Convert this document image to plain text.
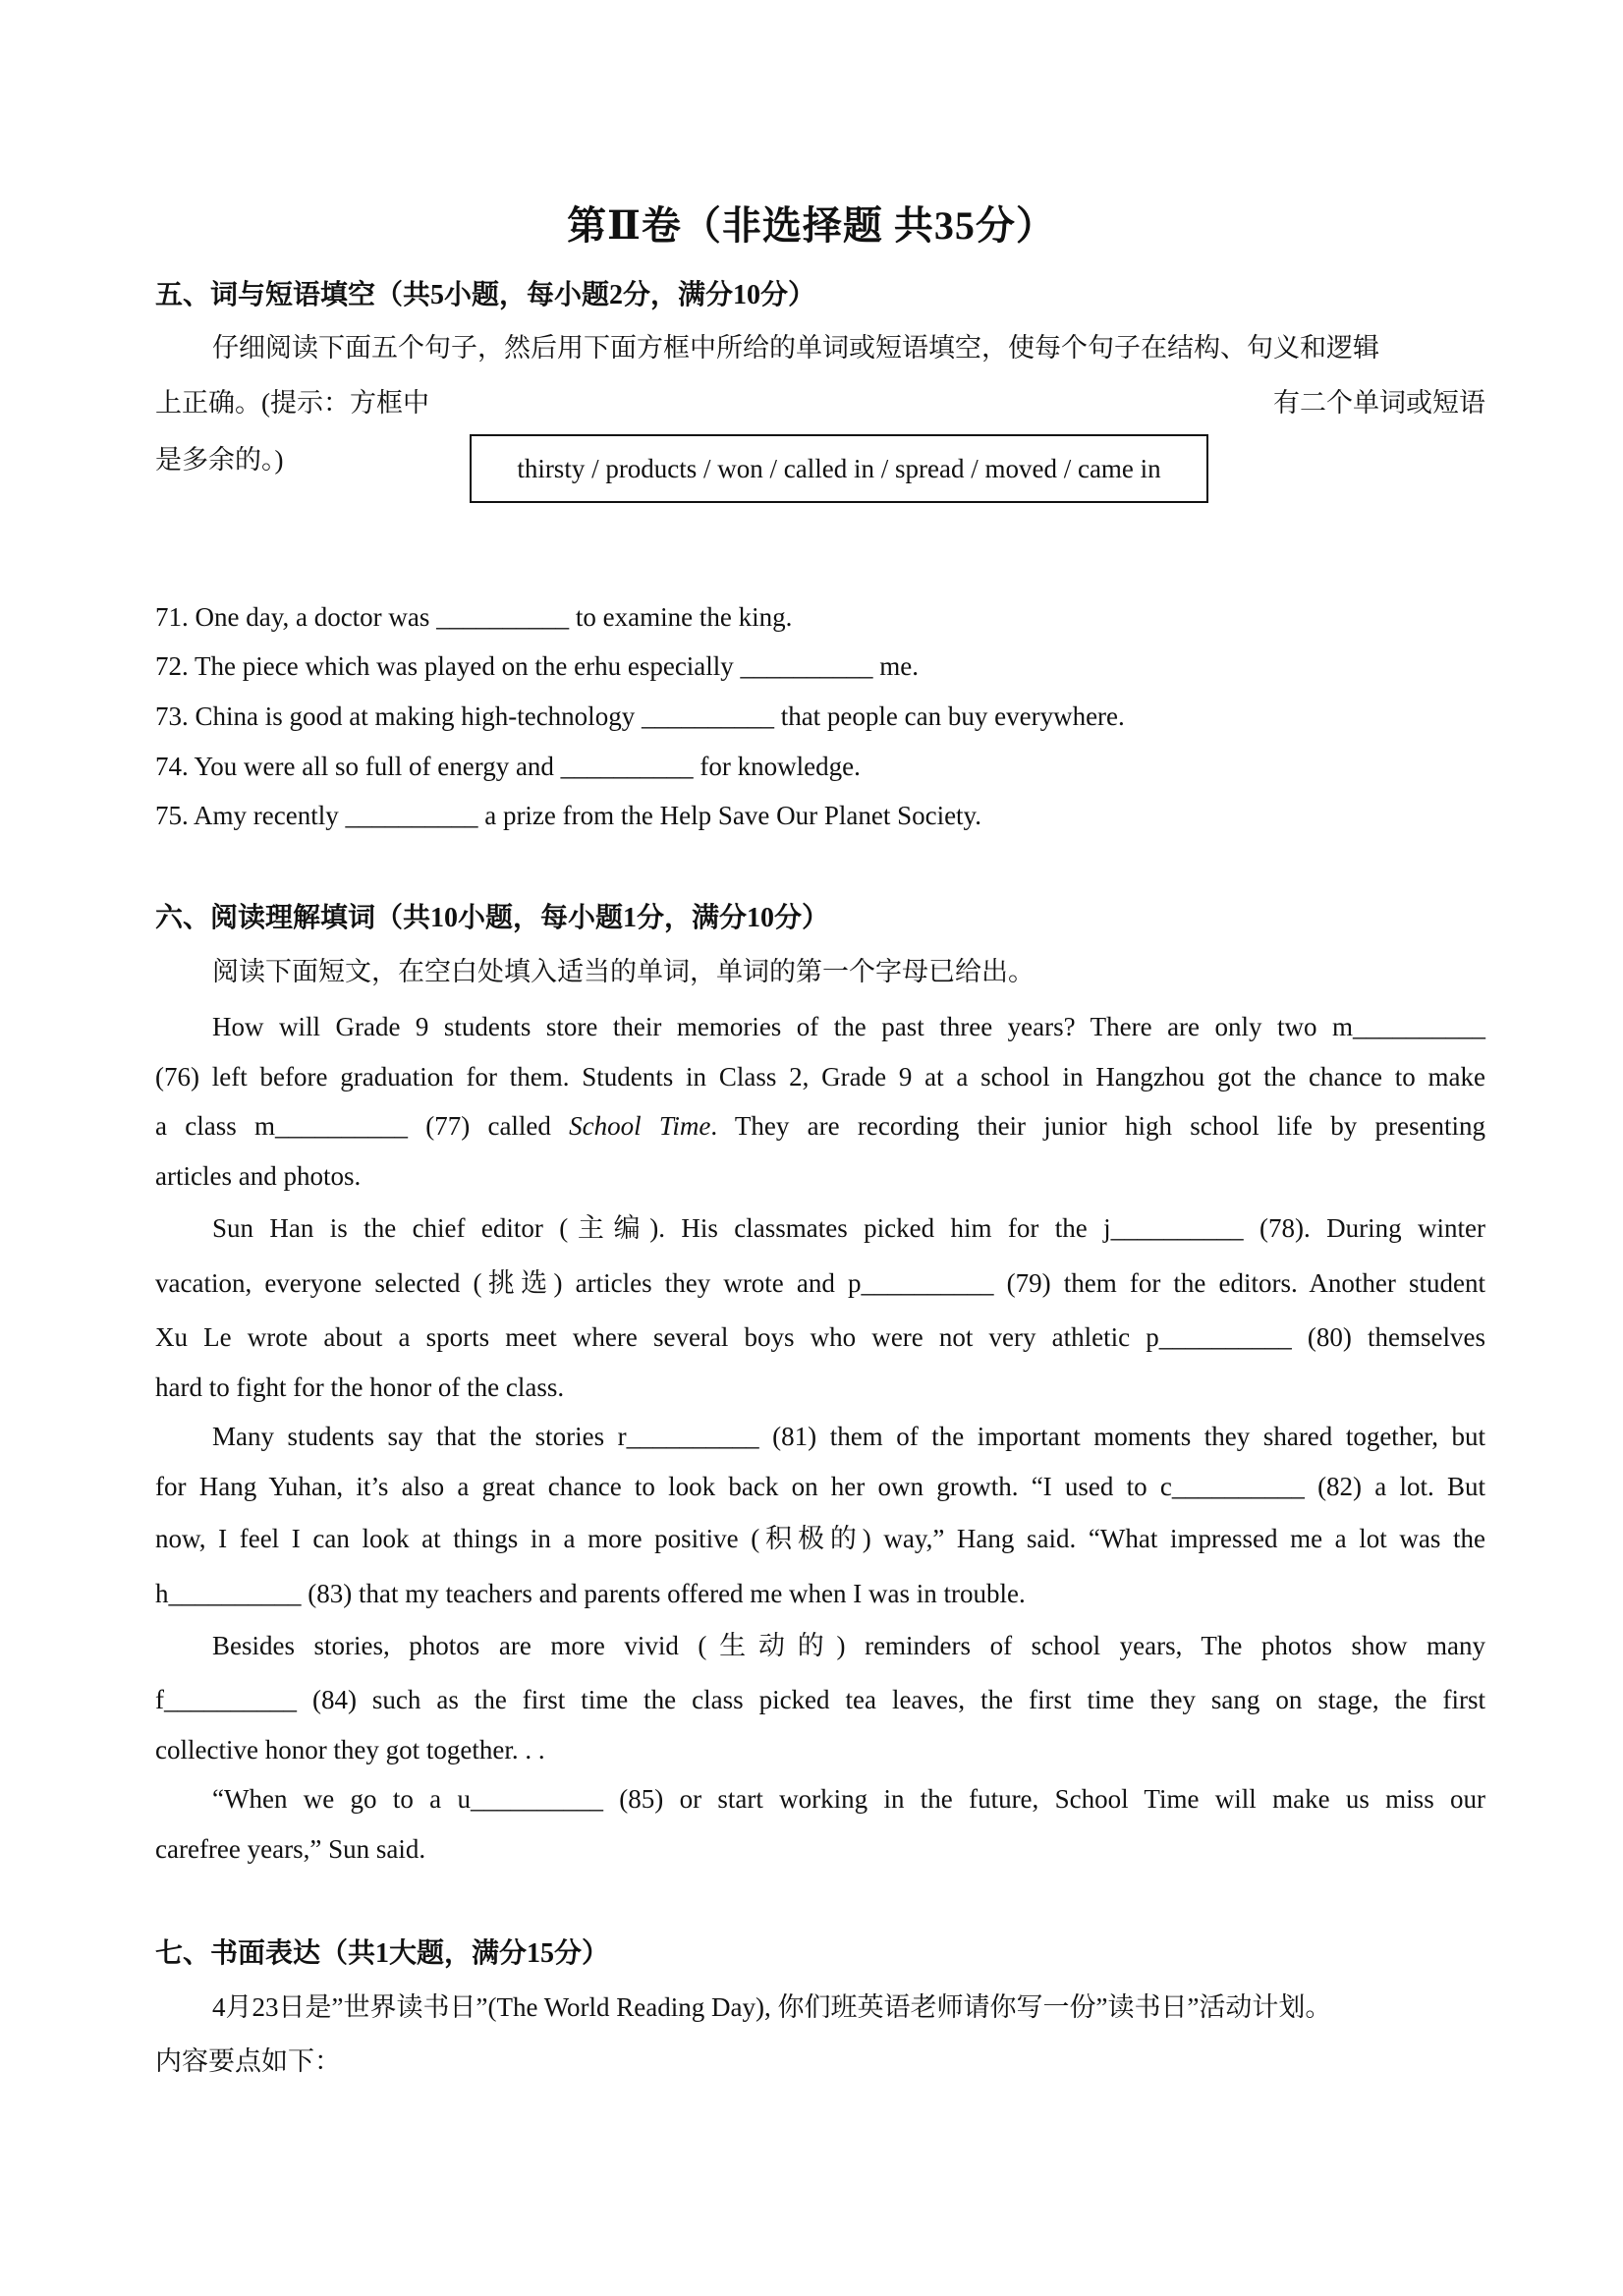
第Ⅱ卷（非选择题 共35分）
五、词与短语填空（共5小题，每小题2分，满分10分）
仔细阅读下面五个句子，然后用下面方框中所给的单词或短语填空，使每个句子在结构、句义和逻辑
上正确。(提示：方框中	有二个单词或短语
是多余的。)	thirsty / products / won / called in / spread / moved / came in
71. One day, a doctor was __________ to examine the king.
72. The piece which was played on the erhu especially __________ me.
73. China is good at making high-technology __________ that people can buy everywhere.
74. You were all so full of energy and __________ for knowledge.
75. Amy recently __________ a prize from the Help Save Our Planet Society.
六、阅读理解填词（共10小题，每小题1分，满分10分）
阅读下面短文，在空白处填入适当的单词，单词的第一个字母已给出。
How will Grade 9 students store their memories of the past three years? There are only two m__________
(76) left before graduation for them. Students in Class 2, Grade 9 at a school in Hangzhou got the chance to make
a class m__________ (77) called School Time. They are recording their junior high school life by presenting
articles and photos.
Sun Han is the chief editor (主编). His classmates picked him for the j__________ (78). During winter
vacation, everyone selected (挑选) articles they wrote and p__________ (79) them for the editors. Another student
Xu Le wrote about a sports meet where several boys who were not very athletic p__________ (80) themselves
hard to fight for the honor of the class.
Many students say that the stories r__________ (81) them of the important moments they shared together, but
for Hang Yuhan, it’s also a great chance to look back on her own growth. “I used to c__________ (82) a lot. But
now, I feel I can look at things in a more positive (积极的) way,” Hang said. “What impressed me a lot was the
h__________ (83) that my teachers and parents offered me when I was in trouble.
Besides stories, photos are more vivid (生动的) reminders of school years, The photos show many
f__________ (84) such as the first time the class picked tea leaves, the first time they sang on stage, the first
collective honor they got together. . .
“When we go to a u__________ (85) or start working in the future, School Time will make us miss our
carefree years,” Sun said.
七、书面表达（共1大题，满分15分）
4月23日是”世界读书日”(The World Reading Day), 你们班英语老师请你写一份”读书日”活动计划。
内容要点如下：
